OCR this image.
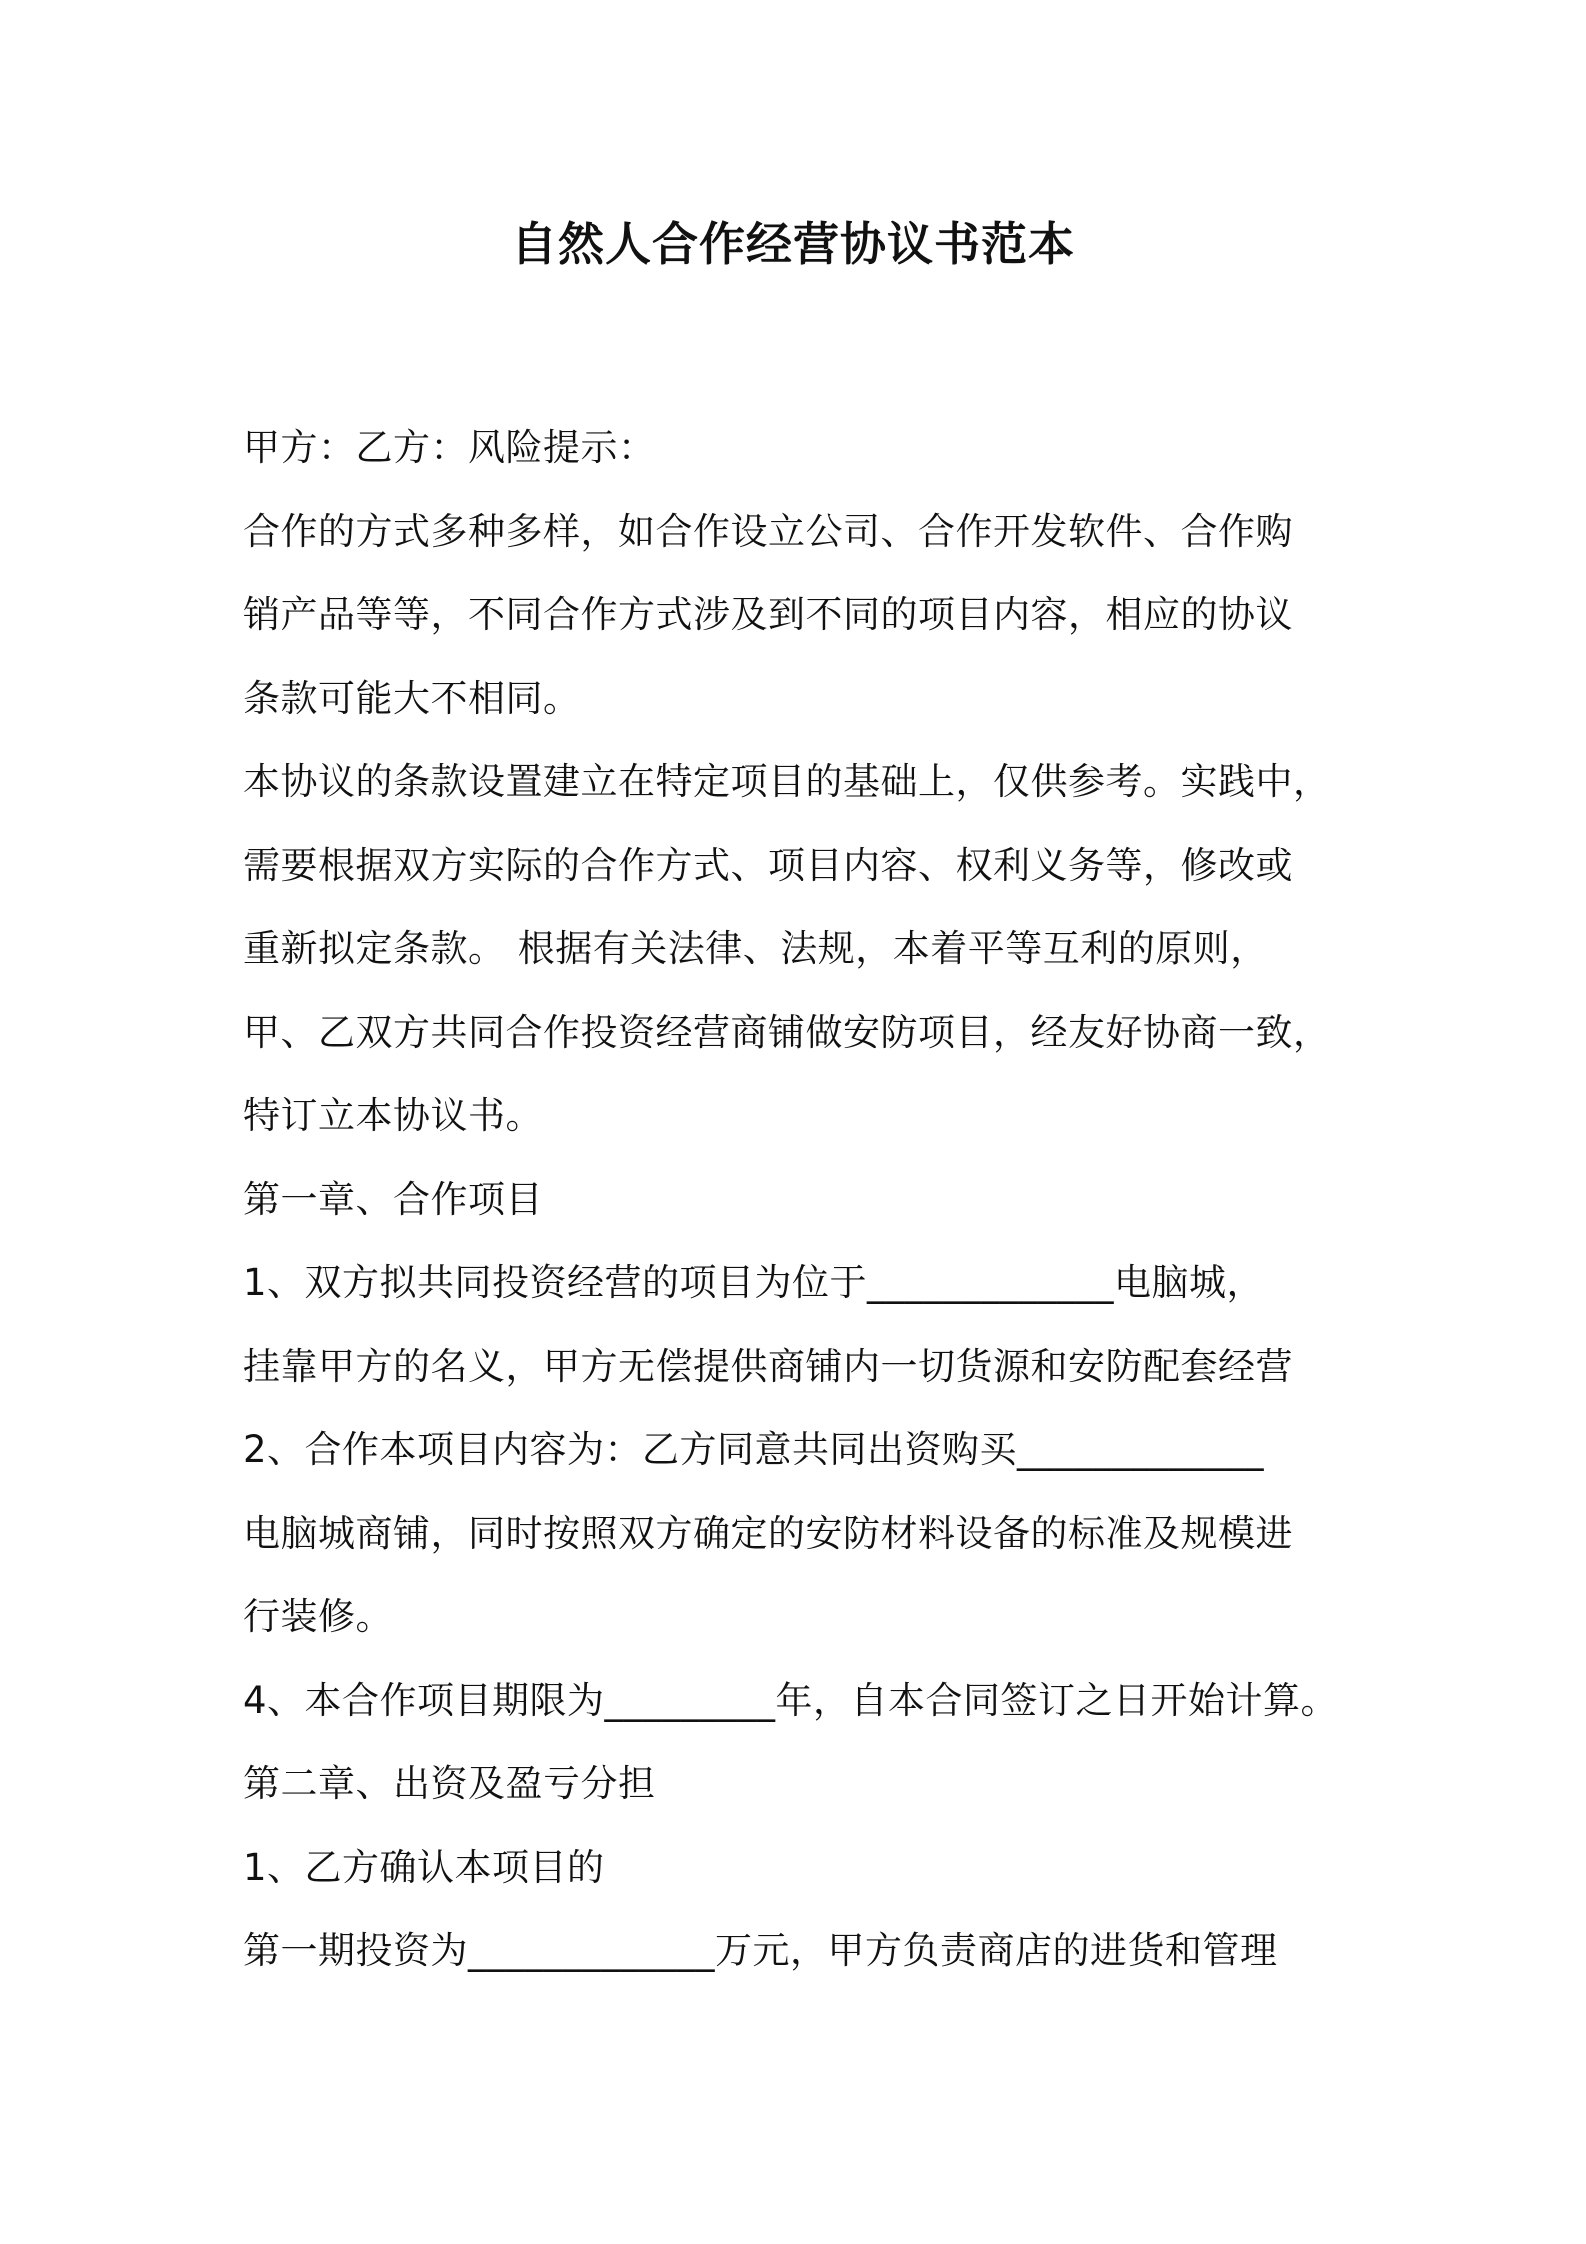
自然人合作经营协议书范本
甲方：乙方：风险提示：
合作的方式多种多样，如合作设立公司、合作开发软件、合作购
销产品等等，不同合作方式涉及到不同的项目内容，相应的协议
条款可能大不相同。
本协议的条款设置建立在特定项目的基础上，仅供参考。实践中，
需要根据双方实际的合作方式、项目内容、权利义务等，修改或
重新拟定条款。 根据有关法律、法规，本着平等互利的原则，
甲、乙双方共同合作投资经营商铺做安防项目，经友好协商一致，
特订立本协议书。
第一章、合作项目
1、双方拟共同投资经营的项目为位于_____________电脑城，
挂靠甲方的名义，甲方无偿提供商铺内一切货源和安防配套经营
2、合作本项目内容为：乙方同意共同出资购买_____________
电脑城商铺，同时按照双方确定的安防材料设备的标准及规模进
行装修。
4、本合作项目期限为_________年，自本合同签订之日开始计算。
第二章、出资及盈亏分担
1、乙方确认本项目的
第一期投资为_____________万元，甲方负责商店的进货和管理
